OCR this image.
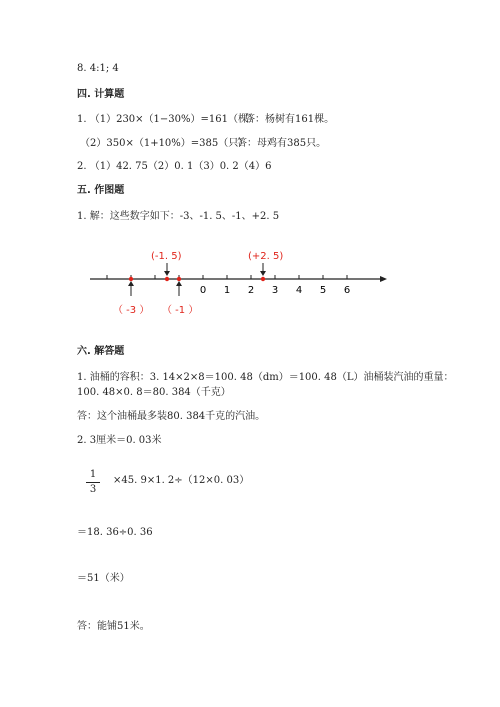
8. 4:1; 4
四. 计算题
1. （1）230×（1−30%）=161（棵）
答：杨树有161棵。
（2）350×（1+10%）=385（只）
答：母鸡有385只。
2. （1）42. 75（2）0. 1（3）0. 2（4）6
五. 作图题
1. 解：这些数字如下：-3、-1. 5、-1、+2. 5
0 1 2 3 4 5 6
(-1. 5)	(+2. 5)
（ -3 ） （ -1 ）
六. 解答题
1. 油桶的容积：3. 14×2×8＝100. 48（dm）＝100. 48（L）油桶装汽油的重量：
100. 48×0. 8＝80. 384（千克）
答：这个油桶最多装80. 384千克的汽油。
2. 3厘米＝0. 03米
1
3
×45. 9×1. 2÷（12×0. 03）
＝18. 36÷0. 36
＝51（米）
答：能铺51米。
